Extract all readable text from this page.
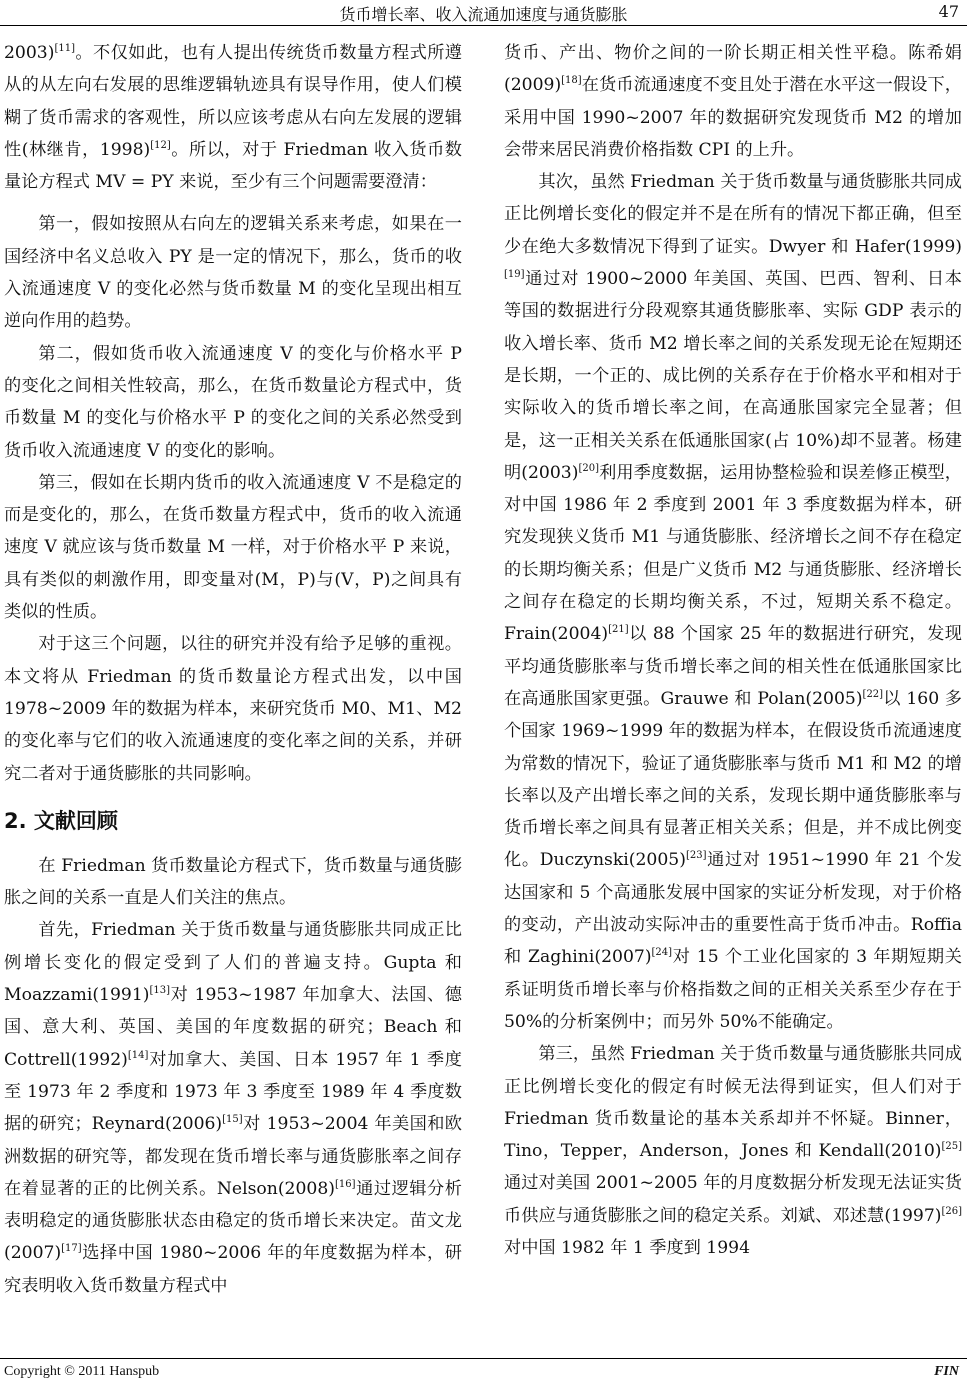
货币增长率、收入流通加速度与通货膨胀	47

2003)[11]。不仅如此，也有人提出传统货币数量方程式所遵从的从左向右发展的思维逻辑轨迹具有误导作用，使人们模糊了货币需求的客观性，所以应该考虑从右向左发展的逻辑性(林继肯，1998)[12]。所以，对于 Friedman 收入货币数量论方程式 MV = PY 来说，至少有三个问题需要澄清：

第一，假如按照从右向左的逻辑关系来考虑，如果在一国经济中名义总收入 PY 是一定的情况下，那么，货币的收入流通速度 V 的变化必然与货币数量 M 的变化呈现出相互逆向作用的趋势。

第二，假如货币收入流通速度 V 的变化与价格水平 P 的变化之间相关性较高，那么，在货币数量论方程式中，货币数量 M 的变化与价格水平 P 的变化之间的关系必然受到货币收入流通速度 V 的变化的影响。

第三，假如在长期内货币的收入流通速度 V 不是稳定的而是变化的，那么，在货币数量方程式中，货币的收入流通速度 V 就应该与货币数量 M 一样，对于价格水平 P 来说，具有类似的刺激作用，即变量对(M，P)与(V，P)之间具有类似的性质。

对于这三个问题，以往的研究并没有给予足够的重视。本文将从 Friedman 的货币数量论方程式出发，以中国 1978~2009 年的数据为样本，来研究货币 M0、M1、M2 的变化率与它们的收入流通速度的变化率之间的关系，并研究二者对于通货膨胀的共同影响。

2. 文献回顾

在 Friedman 货币数量论方程式下，货币数量与通货膨胀之间的关系一直是人们关注的焦点。

首先，Friedman 关于货币数量与通货膨胀共同成正比例增长变化的假定受到了人们的普遍支持。Gupta 和 Moazzami(1991)[13]对 1953~1987 年加拿大、法国、德国、意大利、英国、美国的年度数据的研究；Beach 和 Cottrell(1992)[14]对加拿大、美国、日本 1957 年 1 季度至 1973 年 2 季度和 1973 年 3 季度至 1989 年 4 季度数据的研究；Reynard(2006)[15]对 1953~2004 年美国和欧洲数据的研究等，都发现在货币增长率与通货膨胀率之间存在着显著的正的比例关系。Nelson(2008)[16]通过逻辑分析表明稳定的通货膨胀状态由稳定的货币增长来决定。苗文龙(2007)[17]选择中国 1980~2006 年的年度数据为样本，研究表明收入货币数量方程式中

货币、产出、物价之间的一阶长期正相关性平稳。陈希娟(2009)[18]在货币流通速度不变且处于潜在水平这一假设下，采用中国 1990~2007 年的数据研究发现货币 M2 的增加会带来居民消费价格指数 CPI 的上升。

其次，虽然 Friedman 关于货币数量与通货膨胀共同成正比例增长变化的假定并不是在所有的情况下都正确，但至少在绝大多数情况下得到了证实。Dwyer 和 Hafer(1999)[19]通过对 1900~2000 年美国、英国、巴西、智利、日本等国的数据进行分段观察其通货膨胀率、实际 GDP 表示的收入增长率、货币 M2 增长率之间的关系发现无论在短期还是长期，一个正的、成比例的关系存在于价格水平和相对于实际收入的货币增长率之间，在高通胀国家完全显著；但是，这一正相关关系在低通胀国家(占 10%)却不显著。杨建明(2003)[20]利用季度数据，运用协整检验和误差修正模型，对中国 1986 年 2 季度到 2001 年 3 季度数据为样本，研究发现狭义货币 M1 与通货膨胀、经济增长之间不存在稳定的长期均衡关系；但是广义货币 M2 与通货膨胀、经济增长之间存在稳定的长期均衡关系，不过，短期关系不稳定。Frain(2004)[21]以 88 个国家 25 年的数据进行研究，发现平均通货膨胀率与货币增长率之间的相关性在低通胀国家比在高通胀国家更强。Grauwe 和 Polan(2005)[22]以 160 多个国家 1969~1999 年的数据为样本，在假设货币流通速度为常数的情况下，验证了通货膨胀率与货币 M1 和 M2 的增长率以及产出增长率之间的关系，发现长期中通货膨胀率与货币增长率之间具有显著正相关关系；但是，并不成比例变化。Duczynski(2005)[23]通过对 1951~1990 年 21 个发达国家和 5 个高通胀发展中国家的实证分析发现，对于价格的变动，产出波动实际冲击的重要性高于货币冲击。Roffia 和 Zaghini(2007)[24]对 15 个工业化国家的 3 年期短期关系证明货币增长率与价格指数之间的正相关关系至少存在于 50%的分析案例中；而另外 50%不能确定。

第三，虽然 Friedman 关于货币数量与通货膨胀共同成正比例增长变化的假定有时候无法得到证实，但人们对于 Friedman 货币数量论的基本关系却并不怀疑。Binner，Tino，Tepper，Anderson，Jones 和 Kendall(2010)[25]通过对美国 2001~2005 年的月度数据分析发现无法证实货币供应与通货膨胀之间的稳定关系。刘斌、邓述慧(1997)[26]对中国 1982 年 1 季度到 1994

Copyright © 2011 Hanspub	FIN
